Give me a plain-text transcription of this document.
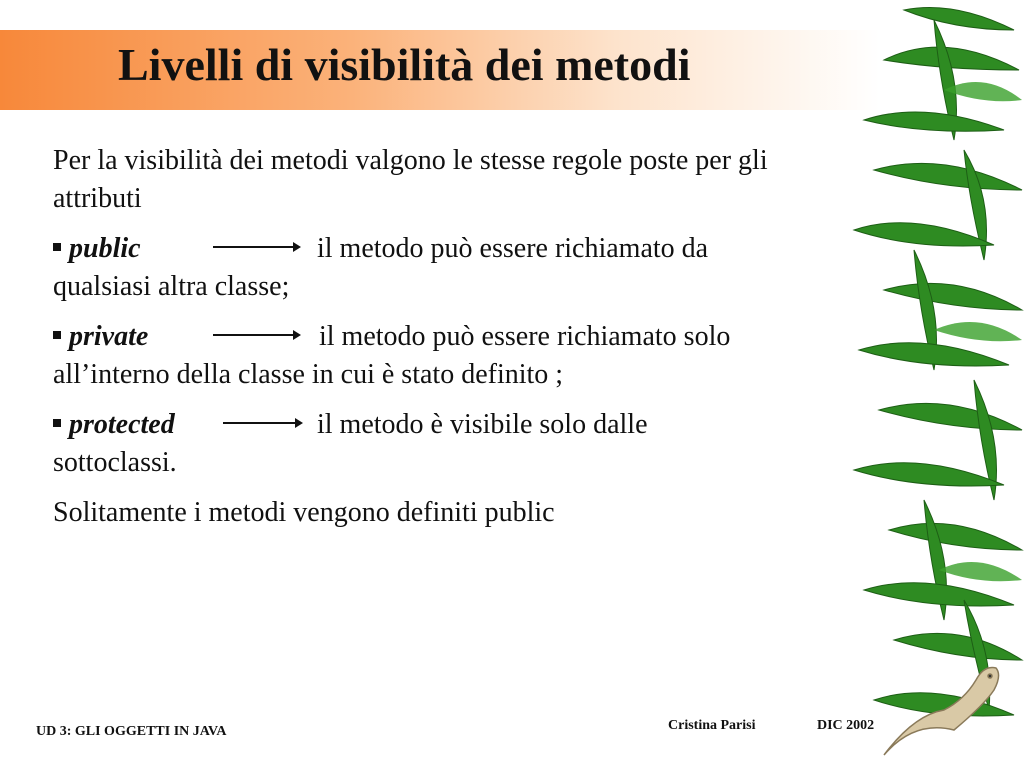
Livelli di visibilità dei metodi

Per la visibilità dei metodi valgono le stesse regole poste per gli attributi

public	il metodo può essere richiamato da
qualsiasi altra classe;
private	il metodo può essere richiamato solo
all’interno della classe in cui è stato definito ;
protected	il metodo è visibile solo dalle
sottoclassi.

Solitamente i metodi vengono definiti public

UD 3: GLI OGGETTI IN JAVA	Cristina Parisi	DIC 2002
